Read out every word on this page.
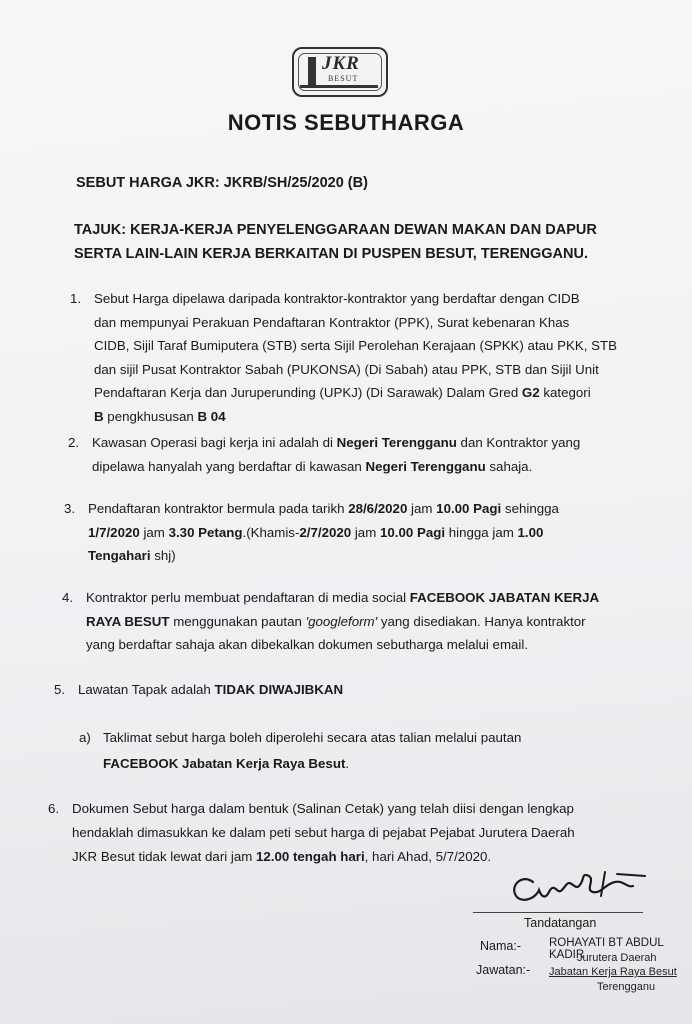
JKR
BESUT
NOTIS SEBUTHARGA
SEBUT HARGA JKR: JKRB/SH/25/2020 (B)
TAJUK: KERJA-KERJA PENYELENGGARAAN DEWAN MAKAN DAN DAPUR
SERTA LAIN-LAIN KERJA BERKAITAN DI PUSPEN BESUT, TERENGGANU.
1. Sebut Harga dipelawa daripada kontraktor-kontraktor yang berdaftar dengan CIDB
dan mempunyai Perakuan Pendaftaran Kontraktor (PPK), Surat kebenaran Khas
CIDB, Sijil Taraf Bumiputera (STB) serta Sijil Perolehan Kerajaan (SPKK) atau PKK, STB
dan sijil Pusat Kontraktor Sabah (PUKONSA) (Di Sabah) atau PPK, STB dan Sijil Unit
Pendaftaran Kerja dan Juruperunding (UPKJ) (Di Sarawak) Dalam Gred G2 kategori
B pengkhususan B 04
2. Kawasan Operasi bagi kerja ini adalah di Negeri Terengganu dan Kontraktor yang
dipelawa hanyalah yang berdaftar di kawasan Negeri Terengganu sahaja.
3. Pendaftaran kontraktor bermula pada tarikh 28/6/2020 jam 10.00 Pagi sehingga
1/7/2020 jam 3.30 Petang.(Khamis-2/7/2020 jam 10.00 Pagi hingga jam 1.00
Tengahari shj)
4. Kontraktor perlu membuat pendaftaran di media social FACEBOOK JABATAN KERJA
RAYA BESUT menggunakan pautan 'googleform' yang disediakan. Hanya kontraktor
yang berdaftar sahaja akan dibekalkan dokumen sebutharga melalui email.
5. Lawatan Tapak adalah TIDAK DIWAJIBKAN
a) Taklimat sebut harga boleh diperolehi secara atas talian melalui pautan
FACEBOOK Jabatan Kerja Raya Besut.
6. Dokumen Sebut harga dalam bentuk (Salinan Cetak) yang telah diisi dengan lengkap
hendaklah dimasukkan ke dalam peti sebut harga di pejabat Pejabat Jurutera Daerah
JKR Besut tidak lewat dari jam 12.00 tengah hari, hari Ahad, 5/7/2020.
Tandatangan
Nama:- ROHAYATI BT ABDUL KADIR
Jurutera Daerah
Jawatan:- Jabatan Kerja Raya Besut
Terengganu
